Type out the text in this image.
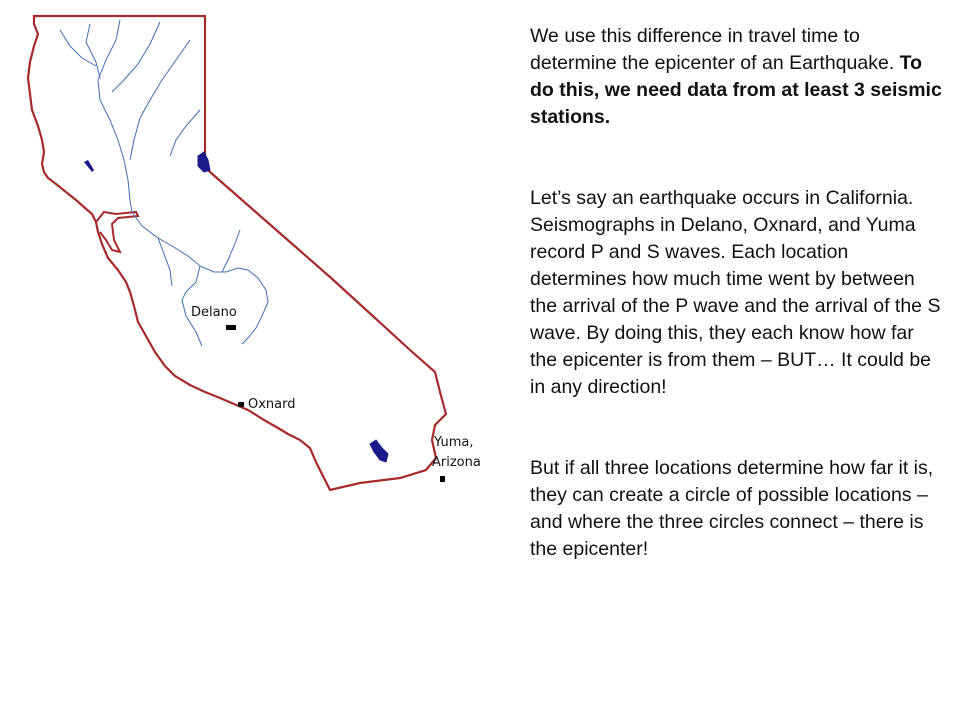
Delano
Oxnard
Yuma,
Arizona

We use this difference in travel time to determine the epicenter of an Earthquake. To do this, we need data from at least 3 seismic stations.

Let’s say an earthquake occurs in California. Seismographs in Delano, Oxnard, and Yuma record P and S waves. Each location determines how much time went by between the arrival of the P wave and the arrival of the S wave. By doing this, they each know how far the epicenter is from them – BUT… It could be in any direction!

But if all three locations determine how far it is, they can create a circle of possible locations – and where the three circles connect – there is the epicenter!
